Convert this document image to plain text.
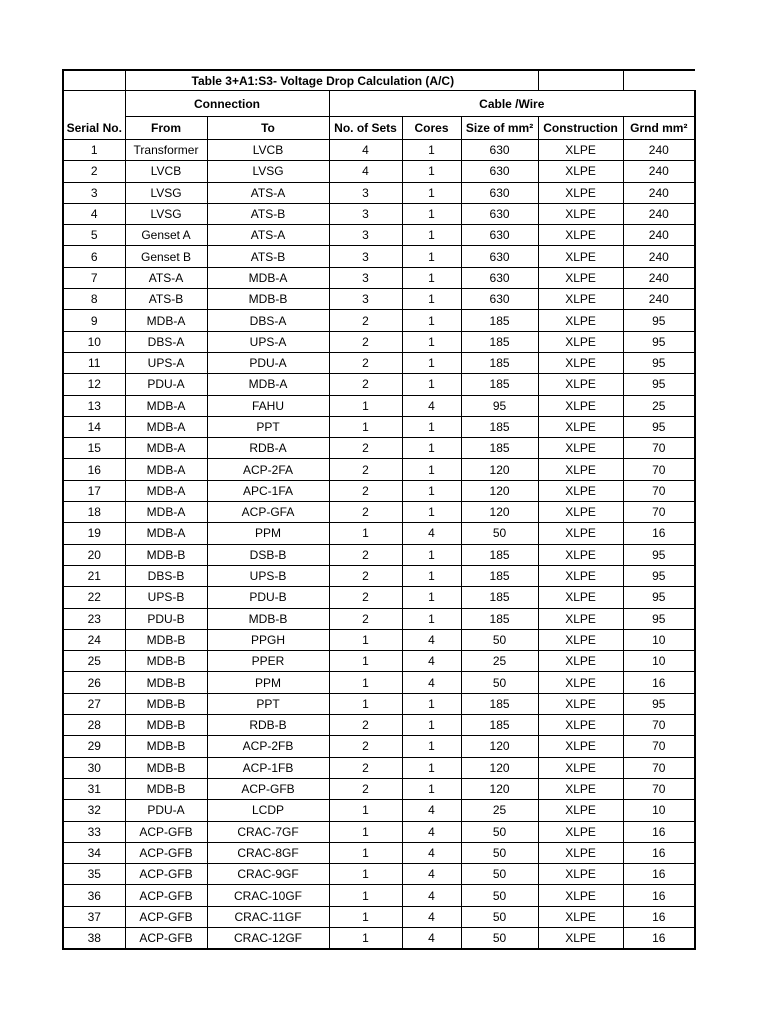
	Table 3+A1:S3- Voltage Drop Calculation (A/C)						
	Connection		Cable /Wire				
Serial No.	From	To	No. of Sets	Cores	Size of mm²	Construction	Grnd mm²
1	Transformer	LVCB	4	1	630	XLPE	240
2	LVCB	LVSG	4	1	630	XLPE	240
3	LVSG	ATS-A	3	1	630	XLPE	240
4	LVSG	ATS-B	3	1	630	XLPE	240
5	Genset A	ATS-A	3	1	630	XLPE	240
6	Genset B	ATS-B	3	1	630	XLPE	240
7	ATS-A	MDB-A	3	1	630	XLPE	240
8	ATS-B	MDB-B	3	1	630	XLPE	240
9	MDB-A	DBS-A	2	1	185	XLPE	95
10	DBS-A	UPS-A	2	1	185	XLPE	95
11	UPS-A	PDU-A	2	1	185	XLPE	95
12	PDU-A	MDB-A	2	1	185	XLPE	95
13	MDB-A	FAHU	1	4	95	XLPE	25
14	MDB-A	PPT	1	1	185	XLPE	95
15	MDB-A	RDB-A	2	1	185	XLPE	70
16	MDB-A	ACP-2FA	2	1	120	XLPE	70
17	MDB-A	APC-1FA	2	1	120	XLPE	70
18	MDB-A	ACP-GFA	2	1	120	XLPE	70
19	MDB-A	PPM	1	4	50	XLPE	16
20	MDB-B	DSB-B	2	1	185	XLPE	95
21	DBS-B	UPS-B	2	1	185	XLPE	95
22	UPS-B	PDU-B	2	1	185	XLPE	95
23	PDU-B	MDB-B	2	1	185	XLPE	95
24	MDB-B	PPGH	1	4	50	XLPE	10
25	MDB-B	PPER	1	4	25	XLPE	10
26	MDB-B	PPM	1	4	50	XLPE	16
27	MDB-B	PPT	1	1	185	XLPE	95
28	MDB-B	RDB-B	2	1	185	XLPE	70
29	MDB-B	ACP-2FB	2	1	120	XLPE	70
30	MDB-B	ACP-1FB	2	1	120	XLPE	70
31	MDB-B	ACP-GFB	2	1	120	XLPE	70
32	PDU-A	LCDP	1	4	25	XLPE	10
33	ACP-GFB	CRAC-7GF	1	4	50	XLPE	16
34	ACP-GFB	CRAC-8GF	1	4	50	XLPE	16
35	ACP-GFB	CRAC-9GF	1	4	50	XLPE	16
36	ACP-GFB	CRAC-10GF	1	4	50	XLPE	16
37	ACP-GFB	CRAC-11GF	1	4	50	XLPE	16
38	ACP-GFB	CRAC-12GF	1	4	50	XLPE	16
